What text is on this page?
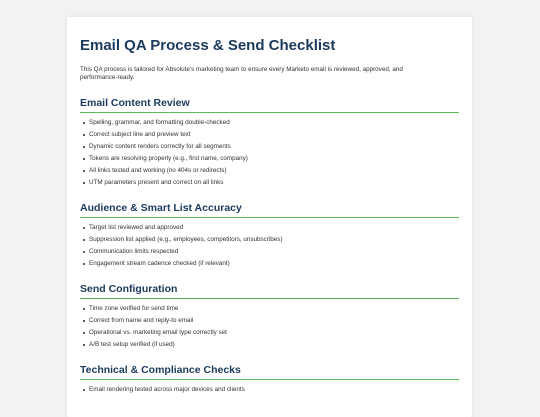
Email QA Process & Send Checklist

This QA process is tailored for Absolute's marketing team to ensure every Marketo email is reviewed, approved, and performance-ready.

Email Content Review
Spelling, grammar, and formatting double-checked
Correct subject line and preview text
Dynamic content renders correctly for all segments
Tokens are resolving properly (e.g., first name, company)
All links tested and working (no 404s or redirects)
UTM parameters present and correct on all links
Audience & Smart List Accuracy
Target list reviewed and approved
Suppression list applied (e.g., employees, competitors, unsubscribes)
Communication limits respected
Engagement stream cadence checked (if relevant)
Send Configuration
Time zone verified for send time
Correct from name and reply-to email
Operational vs. marketing email type correctly set
A/B test setup verified (if used)
Technical & Compliance Checks
Email rendering tested across major devices and clients
